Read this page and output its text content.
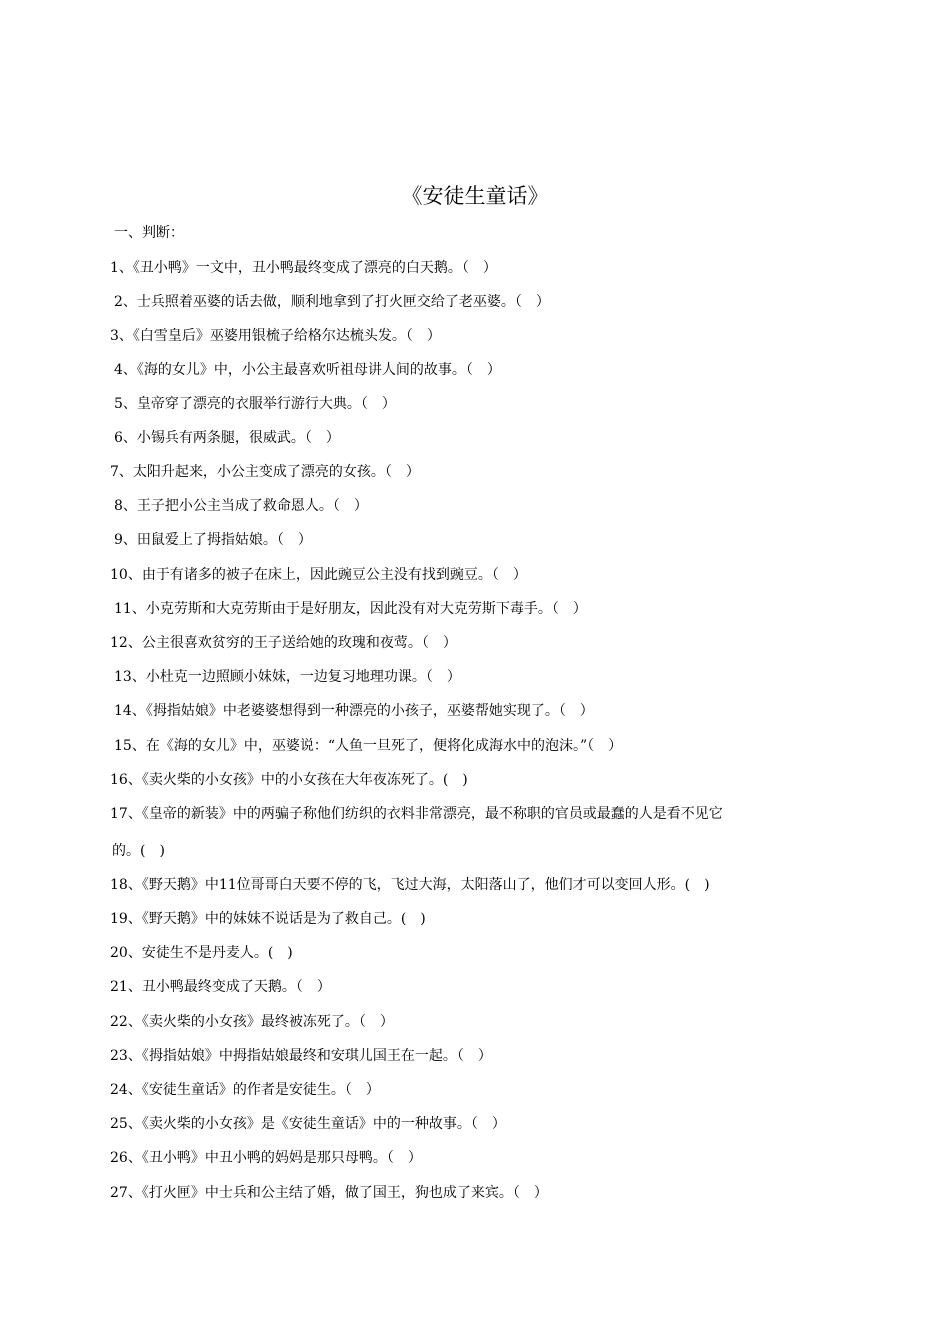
《安徒生童话》
一、判断：
1、《丑小鸭》一文中，丑小鸭最终变成了漂亮的白天鹅。（　）
2、士兵照着巫婆的话去做，顺利地拿到了打火匣交给了老巫婆。（　）
3、《白雪皇后》巫婆用银梳子给格尔达梳头发。（　）
4、《海的女儿》中，小公主最喜欢听祖母讲人间的故事。（　）
5、皇帝穿了漂亮的衣服举行游行大典。（　）
6、小锡兵有两条腿，很威武。（　）
7、太阳升起来，小公主变成了漂亮的女孩。（　）
8、王子把小公主当成了救命恩人。（　）
9、田鼠爱上了拇指姑娘。（　）
10、由于有诸多的被子在床上，因此豌豆公主没有找到豌豆。（　）
11、小克劳斯和大克劳斯由于是好朋友，因此没有对大克劳斯下毒手。（　）
12、公主很喜欢贫穷的王子送给她的玫瑰和夜莺。（　）
13、小杜克一边照顾小妹妹，一边复习地理功课。（　）
14、《拇指姑娘》中老婆婆想得到一种漂亮的小孩子，巫婆帮她实现了。（　）
15、在《海的女儿》中，巫婆说：“人鱼一旦死了，便将化成海水中的泡沫。”（　）
16、《卖火柴的小女孩》中的小女孩在大年夜冻死了。(　)
17、《皇帝的新装》中的两骗子称他们纺织的衣料非常漂亮，最不称职的官员或最蠢的人是看不见它
的。(　)
18、《野天鹅》中11位哥哥白天要不停的飞，飞过大海，太阳落山了，他们才可以变回人形。(　)
19、《野天鹅》中的妹妹不说话是为了救自己。(　)
20、安徒生不是丹麦人。(　)
21、丑小鸭最终变成了天鹅。（　）
22、《卖火柴的小女孩》最终被冻死了。（　）
23、《拇指姑娘》中拇指姑娘最终和安琪儿国王在一起。（　）
24、《安徒生童话》的作者是安徒生。（　）
25、《卖火柴的小女孩》是《安徒生童话》中的一种故事。（　）
26、《丑小鸭》中丑小鸭的妈妈是那只母鸭。（　）
27、《打火匣》中士兵和公主结了婚，做了国王，狗也成了来宾。（　）
